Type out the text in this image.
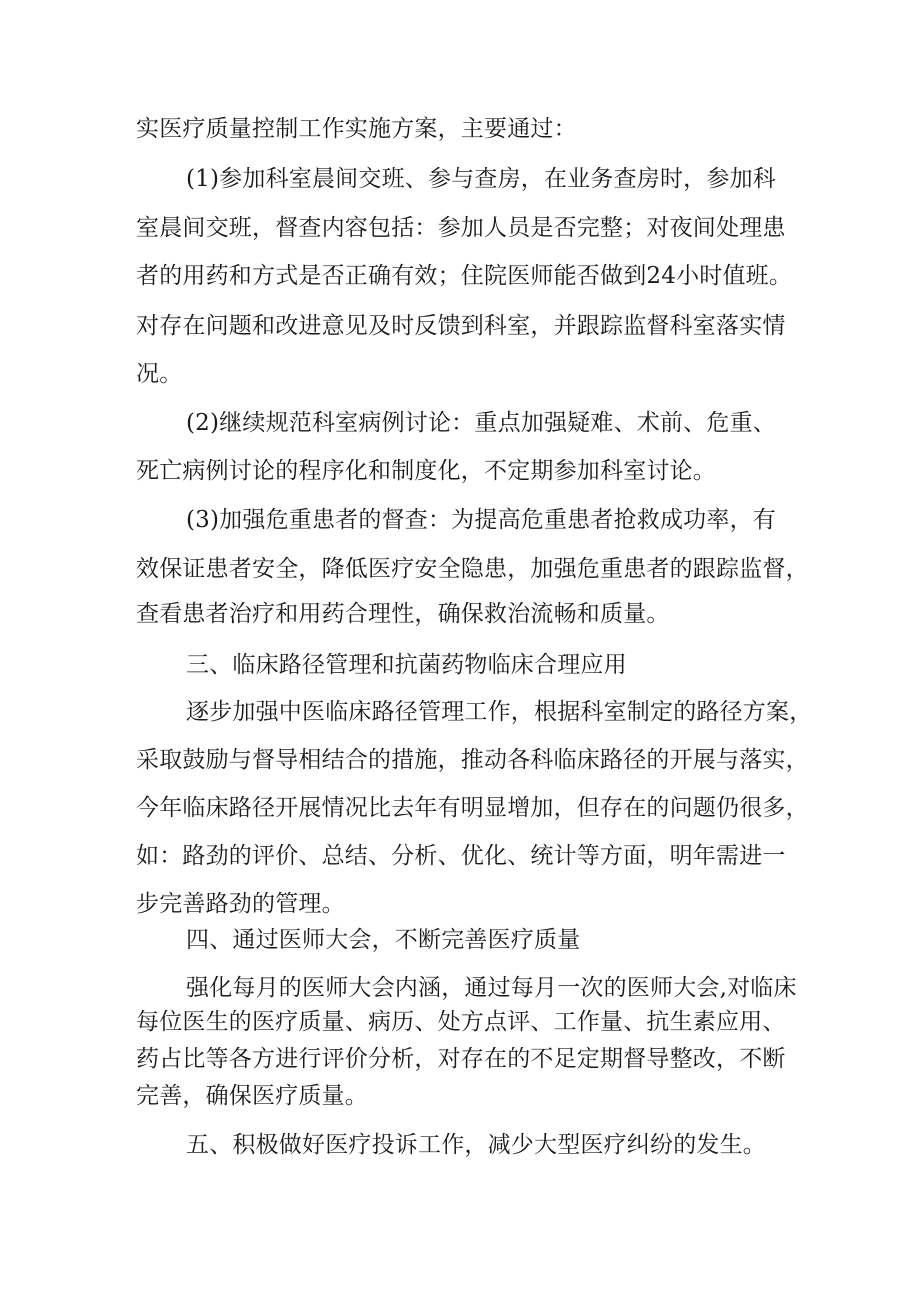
实医疗质量控制工作实施方案，主要通过：
(1)参加科室晨间交班、参与查房，在业务查房时，参加科
室晨间交班，督查内容包括：参加人员是否完整；对夜间处理患
者的用药和方式是否正确有效；住院医师能否做到24小时值班。
对存在问题和改进意见及时反馈到科室，并跟踪监督科室落实情
况。
(2)继续规范科室病例讨论：重点加强疑难、术前、危重、
死亡病例讨论的程序化和制度化，不定期参加科室讨论。
(3)加强危重患者的督查：为提高危重患者抢救成功率，有
效保证患者安全，降低医疗安全隐患，加强危重患者的跟踪监督，
查看患者治疗和用药合理性，确保救治流畅和质量。
三、临床路径管理和抗菌药物临床合理应用
逐步加强中医临床路径管理工作，根据科室制定的路径方案，
采取鼓励与督导相结合的措施，推动各科临床路径的开展与落实，
今年临床路径开展情况比去年有明显增加，但存在的问题仍很多，
如：路劲的评价、总结、分析、优化、统计等方面，明年需进一
步完善路劲的管理。
四、通过医师大会，不断完善医疗质量
强化每月的医师大会内涵，通过每月一次的医师大会,对临床
每位医生的医疗质量、病历、处方点评、工作量、抗生素应用、
药占比等各方进行评价分析，对存在的不足定期督导整改，不断
完善，确保医疗质量。
五、积极做好医疗投诉工作，减少大型医疗纠纷的发生。
